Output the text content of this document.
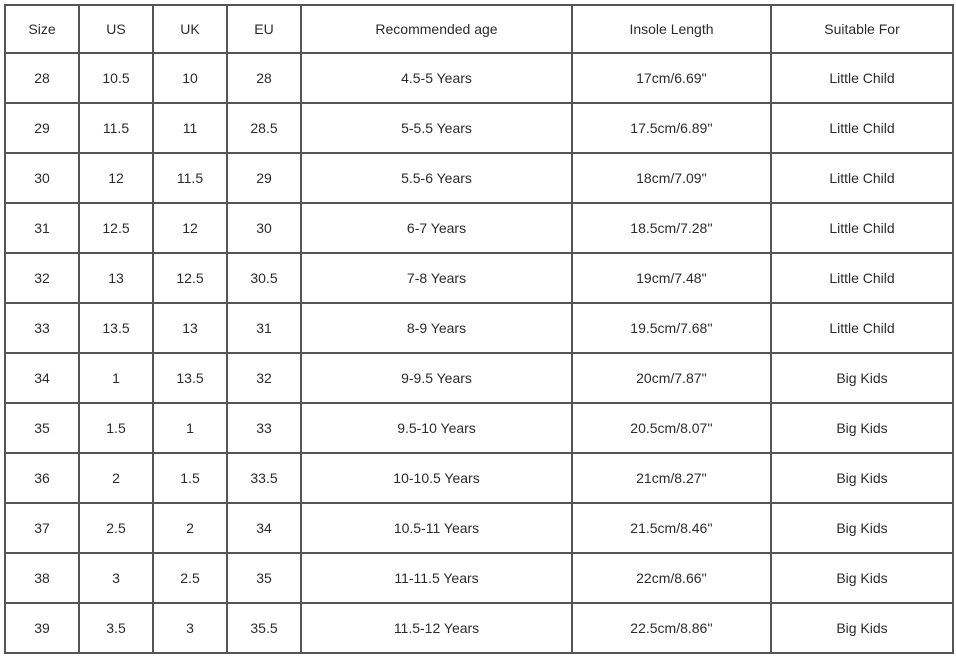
Size	US	UK	EU	Recommended age	Insole Length	Suitable For
28	10.5	10	28	4.5-5 Years	17cm/6.69''	Little Child
29	11.5	11	28.5	5-5.5 Years	17.5cm/6.89''	Little Child
30	12	11.5	29	5.5-6 Years	18cm/7.09''	Little Child
31	12.5	12	30	6-7 Years	18.5cm/7.28''	Little Child
32	13	12.5	30.5	7-8 Years	19cm/7.48''	Little Child
33	13.5	13	31	8-9 Years	19.5cm/7.68''	Little Child
34	1	13.5	32	9-9.5 Years	20cm/7.87''	Big Kids
35	1.5	1	33	9.5-10 Years	20.5cm/8.07''	Big Kids
36	2	1.5	33.5	10-10.5 Years	21cm/8.27''	Big Kids
37	2.5	2	34	10.5-11 Years	21.5cm/8.46''	Big Kids
38	3	2.5	35	11-11.5 Years	22cm/8.66''	Big Kids
39	3.5	3	35.5	11.5-12 Years	22.5cm/8.86''	Big Kids
